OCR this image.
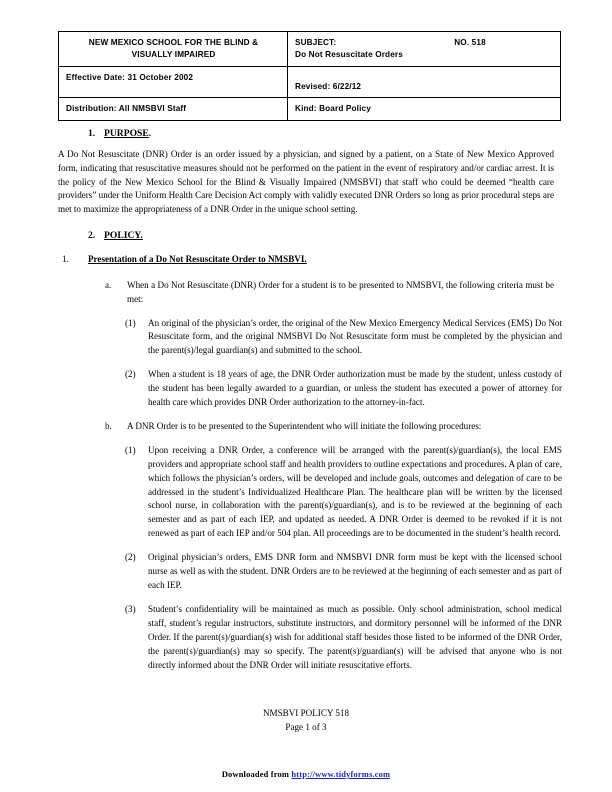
NEW MEXICO SCHOOL FOR THE BLIND &
VISUALLY IMPAIRED

SUBJECT:	NO. 518
Do Not Resuscitate Orders

Effective Date: 31 October 2002	Revised: 6/22/12

Distribution: All NMSBVI Staff	Kind: Board Policy
1. PURPOSE.
A Do Not Resuscitate (DNR) Order is an order issued by a physician, and signed by a patient, on a State of New Mexico Approved form, indicating that resuscitative measures should not be performed on the patient in the event of respiratory and/or cardiac arrest. It is the policy of the New Mexico School for the Blind & Visually Impaired (NMSBVI) that staff who could be deemed “health care providers” under the Uniform Health Care Decision Act comply with validly executed DNR Orders so long as prior procedural steps are met to maximize the appropriateness of a DNR Order in the unique school setting.
2. POLICY.
1. Presentation of a Do Not Resuscitate Order to NMSBVI.
a. When a Do Not Resuscitate (DNR) Order for a student is to be presented to NMSBVI, the following criteria must be met:
(1) An original of the physician’s order, the original of the New Mexico Emergency Medical Services (EMS) Do Not Resuscitate form, and the original NMSBVI Do Not Resuscitate form must be completed by the physician and the parent(s)/legal guardian(s) and submitted to the school.
(2) When a student is 18 years of age, the DNR Order authorization must be made by the student, unless custody of the student has been legally awarded to a guardian, or unless the student has executed a power of attorney for health care which provides DNR Order authorization to the attorney-in-fact.
b. A DNR Order is to be presented to the Superintendent who will initiate the following procedures:
(1) Upon receiving a DNR Order, a conference will be arranged with the parent(s)/guardian(s), the local EMS providers and appropriate school staff and health providers to outline expectations and procedures. A plan of care, which follows the physician’s orders, will be developed and include goals, outcomes and delegation of care to be addressed in the student’s Individualized Healthcare Plan. The healthcare plan will be written by the licensed school nurse, in collaboration with the parent(s)/guardian(s), and is to be reviewed at the beginning of each semester and as part of each IEP, and updated as needed. A DNR Order is deemed to be revoked if it is not renewed as part of each IEP and/or 504 plan. All proceedings are to be documented in the student’s health record.
(2) Original physician’s orders, EMS DNR form and NMSBVI DNR form must be kept with the licensed school nurse as well as with the student. DNR Orders are to be reviewed at the beginning of each semester and as part of each IEP.
(3) Student’s confidentiality will be maintained as much as possible. Only school administration, school medical staff, student’s regular instructors, substitute instructors, and dormitory personnel will be informed of the DNR Order. If the parent(s)/guardian(s) wish for additional staff besides those listed to be informed of the DNR Order, the parent(s)/guardian(s) may so specify. The parent(s)/guardian(s) will be advised that anyone who is not directly informed about the DNR Order will initiate resuscitative efforts.
NMSBVI POLICY 518
Page 1 of 3
Downloaded from http://www.tidyforms.com
